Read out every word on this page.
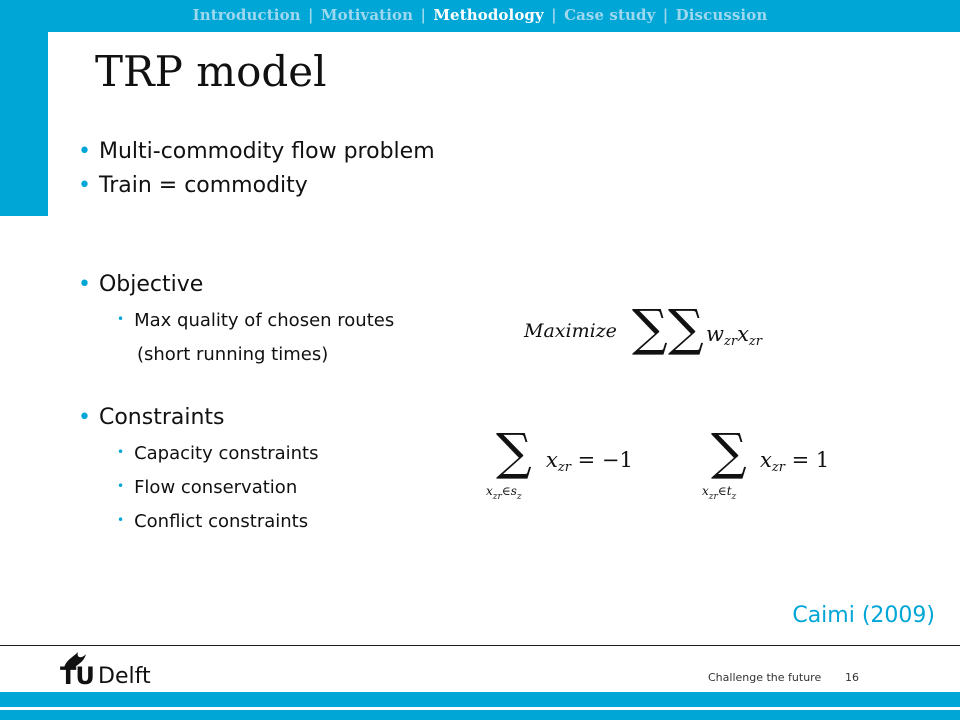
Introduction | Motivation | Methodology | Case study | Discussion
TRP model
• Multi-commodity flow problem
• Train = commodity
• Objective
• Max quality of chosen routes
(short running times)
• Constraints
• Capacity constraints
• Flow conservation
• Conflict constraints
Maximize ∑ ∑ $w_{zr}x_{zr}$
∑
$x_{zr}\in s_z$
$x_{zr} = -1$ ∑
$x_{zr}\in t_z$
$x_{zr} = 1$
Caimi (2009)
TU Delft	Challenge the future 16
